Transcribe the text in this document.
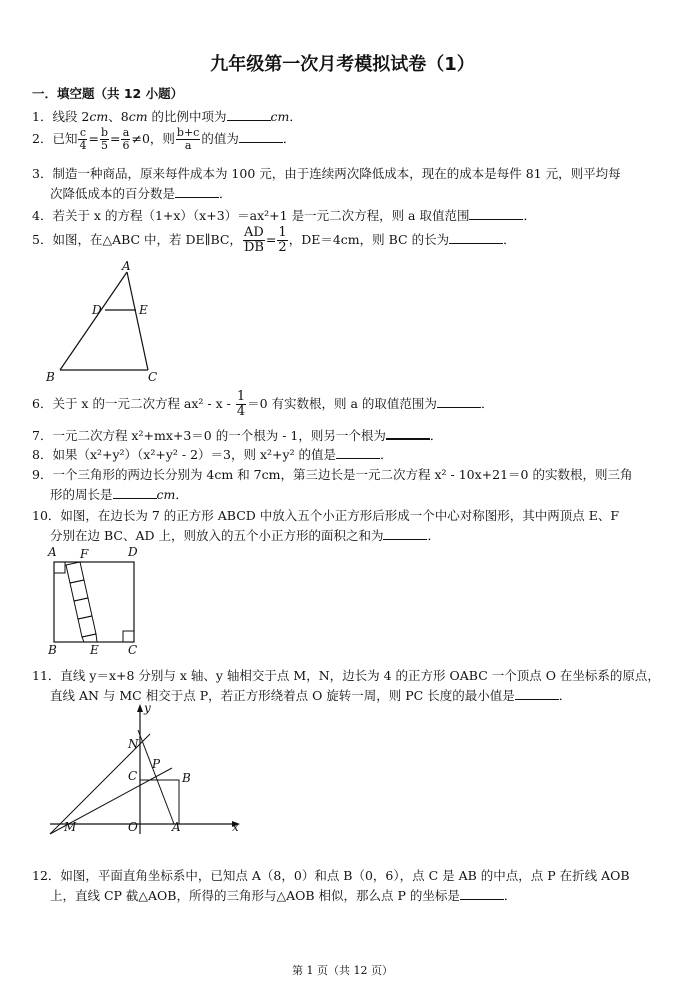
九年级第一次月考模拟试卷（1）
一．填空题（共 12 小题）
1．线段 2cm、8cm 的比例中项为	cm．
2．已知 $\frac{c}{4} = \frac{b}{5} = \frac{a}{6} \ne 0$，则 $\frac{b+c}{a}$ 的值为	．
3．制造一种商品，原来每件成本为 100 元，由于连续两次降低成本，现在的成本是每件 81 元，则平均每
次降低成本的百分数是	．
4．若关于 x 的方程（1+x）（x+3）＝ax²+1 是一元二次方程，则 a 取值范围	．
5．如图，在△ABC 中，若 DE∥BC， $\frac{AD}{DB} = \frac{1}{2}$ ，DE＝4cm，则 BC 的长为	．
A
D	E
B	C
6．关于 x 的一元二次方程 $ax^2 - x - \frac{1}{4} =0$ 有实数根，则 a 的取值范围为	．
7．一元二次方程 x²+mx+3＝0 的一个根为 - 1，则另一个根为	．
8．如果（x²+y²）（x²+y² - 2）＝3，则 x²+y² 的值是	．
9．一个三角形的两边长分别为 4cm 和 7cm，第三边长是一元二次方程 x² - 10x+21＝0 的实数根，则三角
形的周长是	cm．
10．如图，在边长为 7 的正方形 ABCD 中放入五个小正方形后形成一个中心对称图形，其中两顶点 E、F
分别在边 BC、AD 上，则放入的五个小正方形的面积之和为	．
A F	D
B	E C
11．直线 y＝x+8 分别与 x 轴、y 轴相交于点 M，N，边长为 4 的正方形 OABC 一个顶点 O 在坐标系的原点，
直线 AN 与 MC 相交于点 P，若正方形绕着点 O 旋转一周，则 PC 长度的最小值是	．
y
x
N
P
C	B
M	O	A
12．如图，平面直角坐标系中，已知点 A（8，0）和点 B（0，6），点 C 是 AB 的中点，点 P 在折线 AOB
上，直线 CP 截△AOB，所得的三角形与△AOB 相似，那么点 P 的坐标是	．
第 1 页（共 12 页）
